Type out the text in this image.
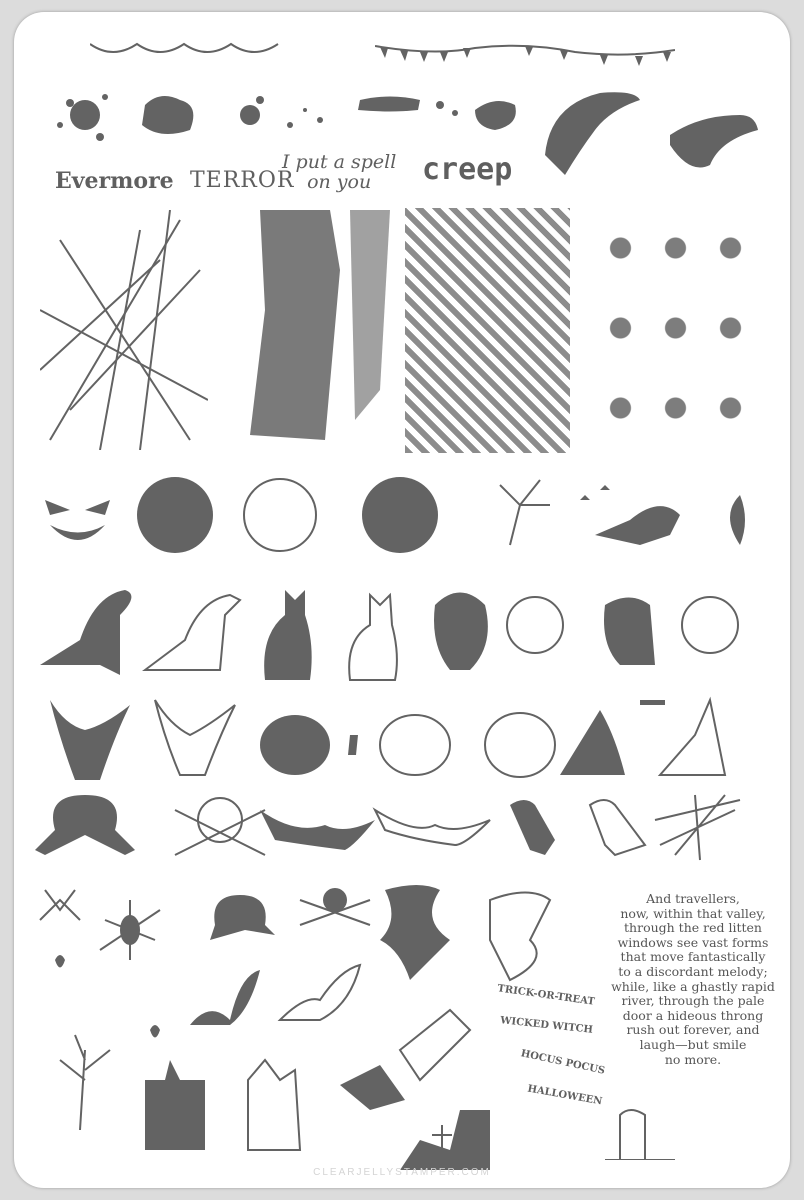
Evermore TERROR
I put a spell
on you	creep
TRICK-OR-TREAT
WICKED WITCH
HOCUS POCUS
HALLOWEEN
And travellers,
now, within that valley,
through the red litten
windows see vast forms
that move fantastically
to a discordant melody;
while, like a ghastly rapid
river, through the pale
door a hideous throng
rush out forever, and
laugh—but smile
no more.
CLEARJELLYSTAMPER.COM
